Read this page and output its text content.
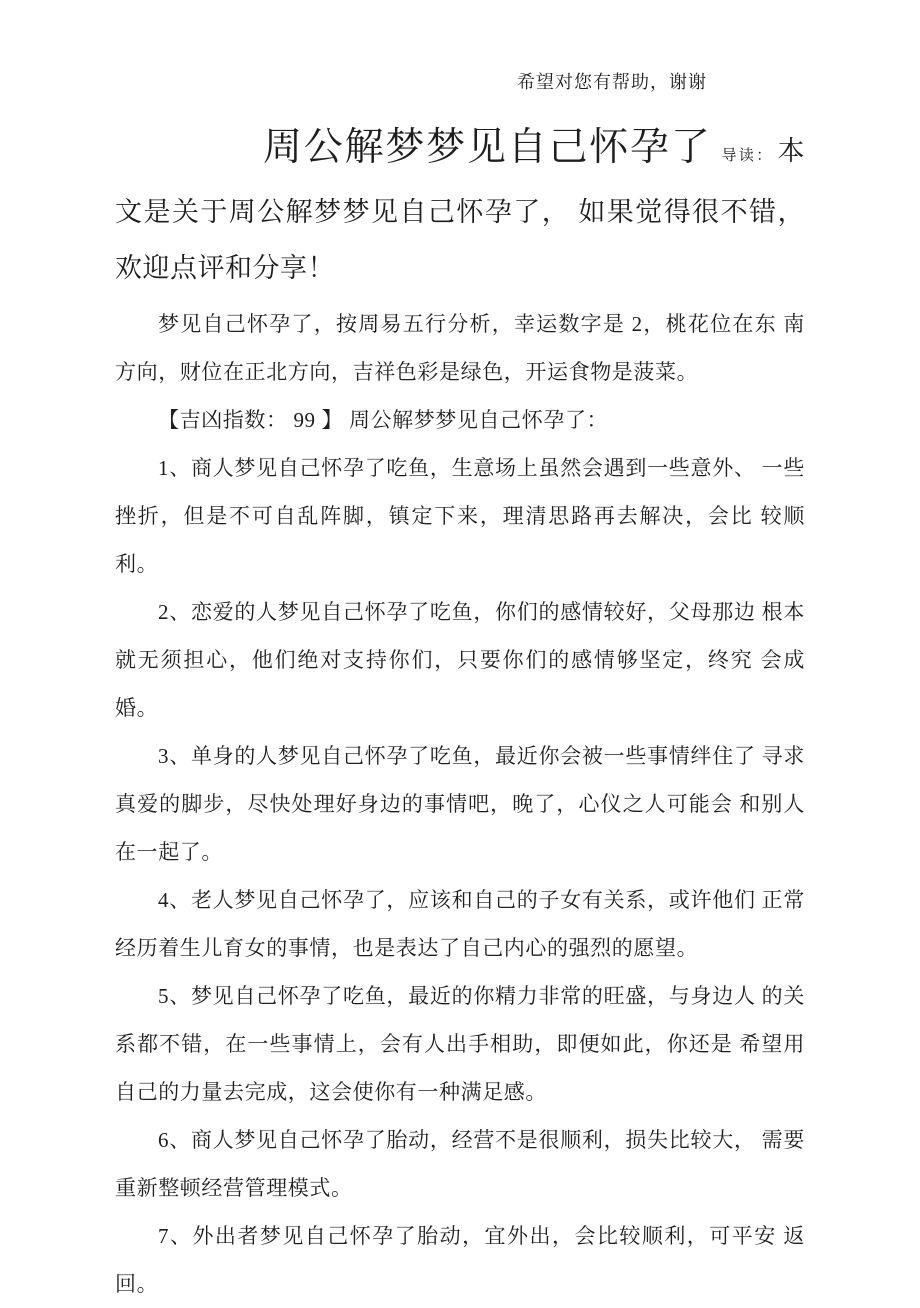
希望对您有帮助，谢谢
周公解梦梦见自己怀孕了 导读： 本文是关于周公解梦梦见自己怀孕了， 如果觉得很不错， 欢迎点评和分享！

梦见自己怀孕了，按周易五行分析，幸运数字是 2，桃花位在东 南方向，财位在正北方向，吉祥色彩是绿色，开运食物是菠菜。

【吉凶指数： 99 】 周公解梦梦见自己怀孕了：

1、商人梦见自己怀孕了吃鱼，生意场上虽然会遇到一些意外、 一些挫折，但是不可自乱阵脚，镇定下来，理清思路再去解决，会比 较顺利。

2、恋爱的人梦见自己怀孕了吃鱼，你们的感情较好，父母那边 根本就无须担心，他们绝对支持你们，只要你们的感情够坚定，终究 会成婚。

3、单身的人梦见自己怀孕了吃鱼，最近你会被一些事情绊住了 寻求真爱的脚步，尽快处理好身边的事情吧，晚了，心仪之人可能会 和别人在一起了。

4、老人梦见自己怀孕了，应该和自己的子女有关系，或许他们 正常经历着生儿育女的事情，也是表达了自己内心的强烈的愿望。

5、梦见自己怀孕了吃鱼，最近的你精力非常的旺盛，与身边人 的关系都不错，在一些事情上，会有人出手相助，即便如此，你还是 希望用自己的力量去完成，这会使你有一种满足感。

6、商人梦见自己怀孕了胎动，经营不是很顺利，损失比较大， 需要重新整顿经营管理模式。

7、外出者梦见自己怀孕了胎动，宜外出，会比较顺利，可平安 返回。
